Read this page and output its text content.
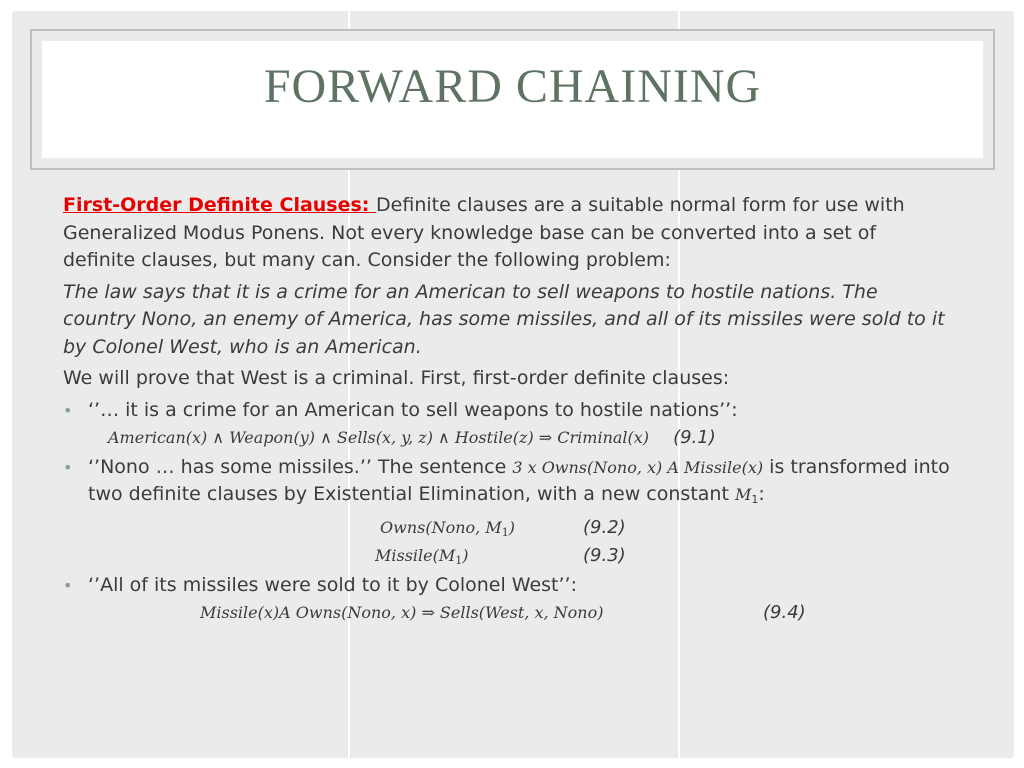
FORWARD CHAINING

First-Order Definite Clauses: Definite clauses are a suitable normal form for use with Generalized Modus Ponens. Not every knowledge base can be converted into a set of definite clauses, but many can. Consider the following problem:

The law says that it is a crime for an American to sell weapons to hostile nations. The country Nono, an enemy of America, has some missiles, and all of its missiles were sold to it by Colonel West, who is an American.

We will prove that West is a criminal. First, first-order definite clauses:

• ‘’… it is a crime for an American to sell weapons to hostile nations’’:
American(x) ∧ Weapon(y) ∧ Sells(x, y, z) ∧ Hostile(z) ⇒ Criminal(x) (9.1)
• ‘’Nono … has some missiles.’’ The sentence 3 x Owns(Nono, x) A Missile(x) is transformed into two definite clauses by Existential Elimination, with a new constant $M_1$:
Owns(Nono, $M_1$)	(9.2)
$Missile(M_1)$	(9.3)
• ‘’All of its missiles were sold to it by Colonel West’’:
Missile(x)A Owns(Nono, x) ⇒ Sells(West, x, Nono)	(9.4)
